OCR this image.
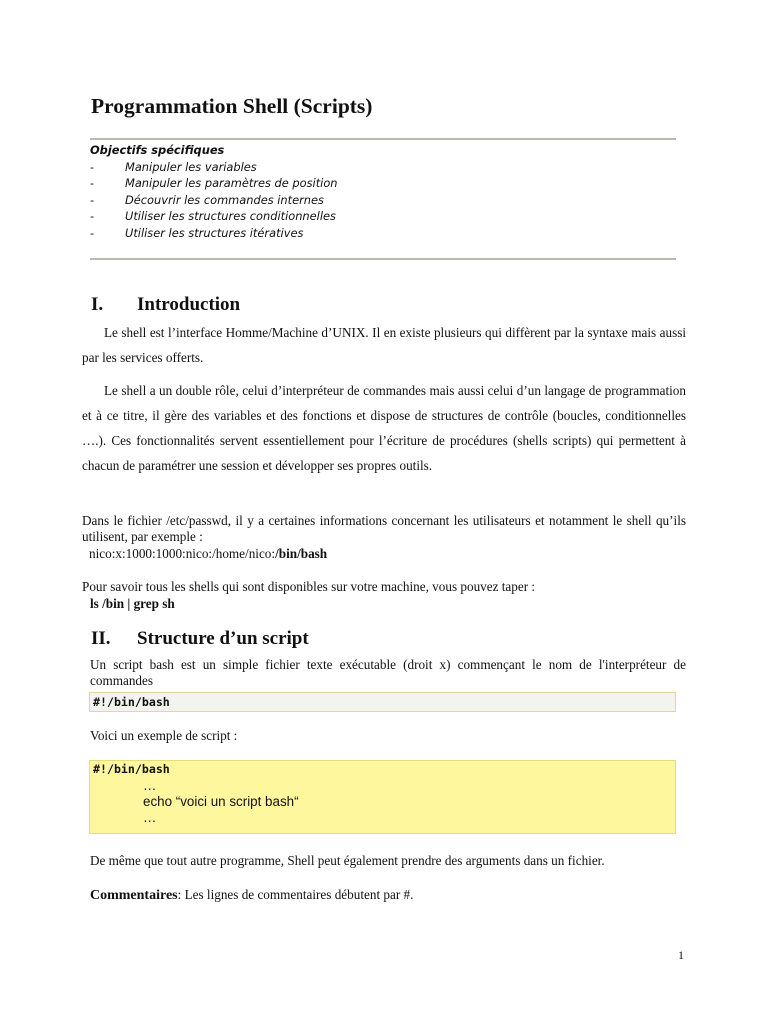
Programmation Shell (Scripts)
Objectifs spécifiques
-	Manipuler les variables
-	Manipuler les paramètres de position
-	Découvrir les commandes internes
-	Utiliser les structures conditionnelles
-	Utiliser les structures itératives
I. Introduction

Le shell est l’interface Homme/Machine d’UNIX. Il en existe plusieurs qui diffèrent par la syntaxe mais aussi par les services offerts.

Le shell a un double rôle, celui d’interpréteur de commandes mais aussi celui d’un langage de programmation et à ce titre, il gère des variables et des fonctions et dispose de structures de contrôle (boucles, conditionnelles ….). Ces fonctionnalités servent essentiellement pour l’écriture de procédures (shells scripts) qui permettent à chacun de paramétrer une session et développer ses propres outils.

Dans le fichier /etc/passwd, il y a certaines informations concernant les utilisateurs et notamment le shell qu’ils utilisent, par exemple :

nico:x:1000:1000:nico:/home/nico:/bin/bash

Pour savoir tous les shells qui sont disponibles sur votre machine, vous pouvez taper :

ls /bin | grep sh
II. Structure d’un script

Un script bash est un simple fichier texte exécutable (droit x) commençant le nom de l'interpréteur de commandes

#!/bin/bash
Voici un exemple de script :
#!/bin/bash
…
echo “voici un script bash“
…

De même que tout autre programme, Shell peut également prendre des arguments dans un fichier.

Commentaires: Les lignes de commentaires débutent par #.
1
